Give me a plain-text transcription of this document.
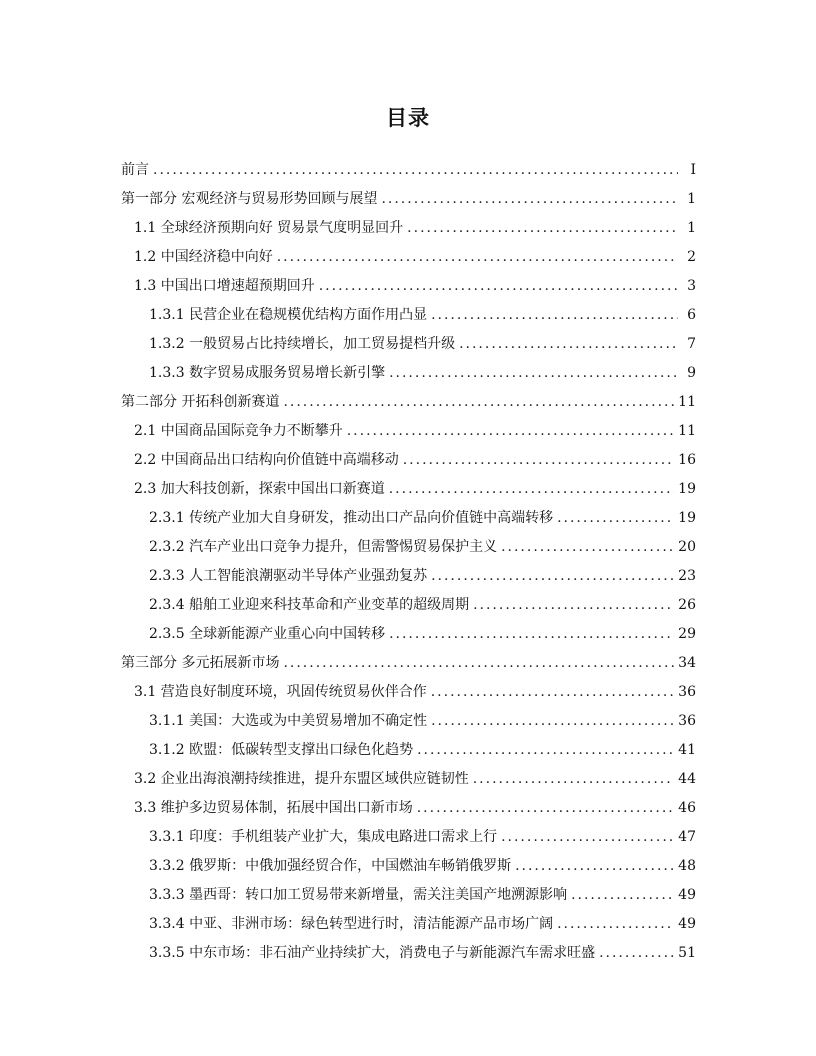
目录
前言 .....	I
第一部分 宏观经济与贸易形势回顾与展望 .....	1
1.1 全球经济预期向好 贸易景气度明显回升 .....	1
1.2 中国经济稳中向好 .....	2
1.3 中国出口增速超预期回升 .....	3
1.3.1 民营企业在稳规模优结构方面作用凸显 .....	6
1.3.2 一般贸易占比持续增长，加工贸易提档升级 .....	7
1.3.3 数字贸易成服务贸易增长新引擎 .....	9
第二部分 开拓科创新赛道 .....	11
2.1 中国商品国际竞争力不断攀升 .....	11
2.2 中国商品出口结构向价值链中高端移动 .....	16
2.3 加大科技创新，探索中国出口新赛道 .....	19
2.3.1 传统产业加大自身研发，推动出口产品向价值链中高端转移 .....	19
2.3.2 汽车产业出口竞争力提升，但需警惕贸易保护主义 .....	20
2.3.3 人工智能浪潮驱动半导体产业强劲复苏 .....	23
2.3.4 船舶工业迎来科技革命和产业变革的超级周期 .....	26
2.3.5 全球新能源产业重心向中国转移 .....	29
第三部分 多元拓展新市场 .....	34
3.1 营造良好制度环境，巩固传统贸易伙伴合作 .....	36
3.1.1 美国：大选或为中美贸易增加不确定性 .....	36
3.1.2 欧盟：低碳转型支撑出口绿色化趋势 .....	41
3.2 企业出海浪潮持续推进，提升东盟区域供应链韧性 .....	44
3.3 维护多边贸易体制，拓展中国出口新市场 .....	46
3.3.1 印度：手机组装产业扩大，集成电路进口需求上行 .....	47
3.3.2 俄罗斯：中俄加强经贸合作，中国燃油车畅销俄罗斯 .....	48
3.3.3 墨西哥：转口加工贸易带来新增量，需关注美国产地溯源影响 .....	49
3.3.4 中亚、非洲市场：绿色转型进行时，清洁能源产品市场广阔 .....	49
3.3.5 中东市场：非石油产业持续扩大，消费电子与新能源汽车需求旺盛 .....	51
